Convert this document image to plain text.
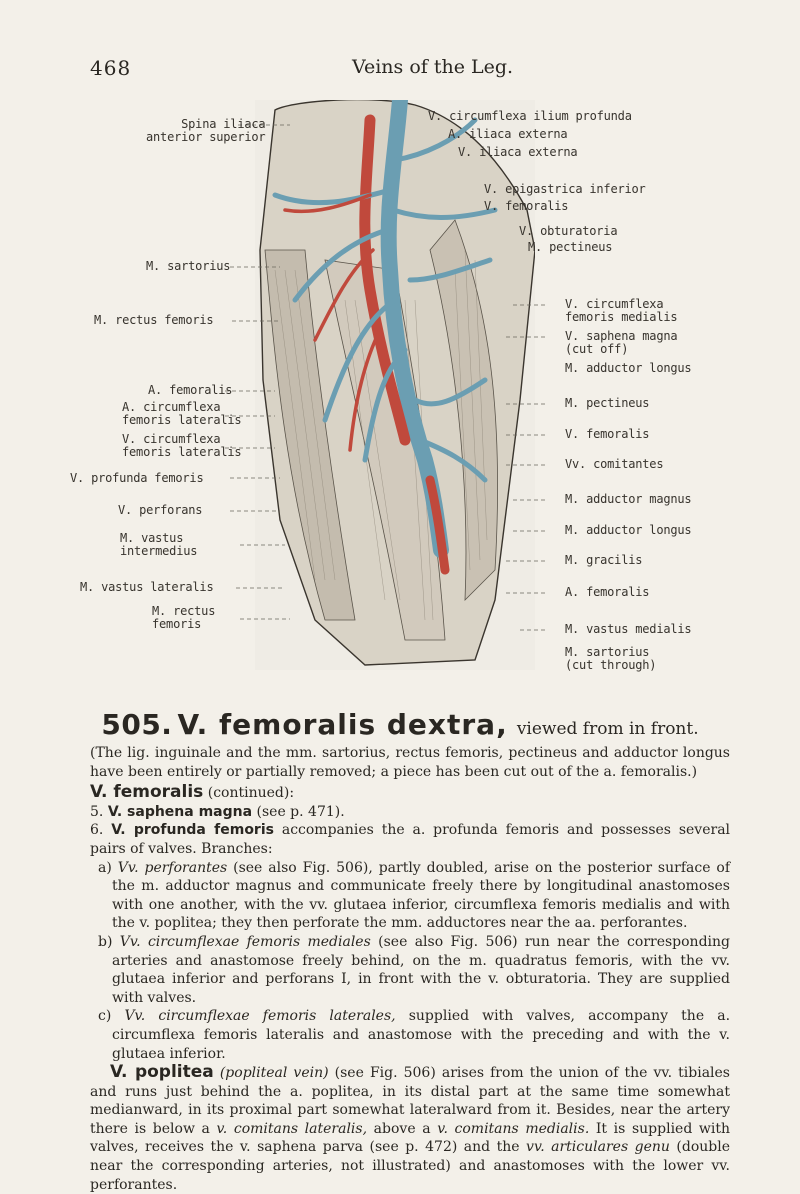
468	Veins of the Leg.
Spina iliaca
anterior superior
M. sartorius
M. rectus femoris
A. femoralis
A. circumflexa
femoris lateralis
V. circumflexa
femoris lateralis
V. profunda femoris
V. perforans
M. vastus
intermedius
M. vastus lateralis
M. rectus
femoris
V. circumflexa ilium profunda
A. iliaca externa
V. iliaca externa
V. epigastrica inferior
V. femoralis
V. obturatoria
M. pectineus
V. circumflexa
femoris medialis
V. saphena magna
(cut off)
M. adductor longus
M. pectineus
V. femoralis
Vv. comitantes
M. adductor magnus
M. adductor longus
M. gracilis
A. femoralis
M. vastus medialis
M. sartorius
(cut through)
505. V. femoralis dextra, viewed from in front.

(The lig. inguinale and the mm. sartorius, rectus femoris, pectineus and adductor longus have been entirely or partially removed; a piece has been cut out of the a. femoralis.)

V. femoralis (continued):

5. V. saphena magna (see p. 471).

6. V. profunda femoris accompanies the a. profunda femoris and possesses several pairs of valves. Branches:

a) Vv. perforantes (see also Fig. 506), partly doubled, arise on the posterior surface of the m. adductor magnus and communicate freely there by longitudinal anastomoses with one another, with the vv. glutaea inferior, circumflexa femoris medialis and with the v. poplitea; they then perforate the mm. adductores near the aa. perforantes.

b) Vv. circumflexae femoris mediales (see also Fig. 506) run near the corresponding arteries and anastomose freely behind, on the m. quadratus femoris, with the vv. glutaea inferior and perforans I, in front with the v. obturatoria. They are supplied with valves.

c) Vv. circumflexae femoris laterales, supplied with valves, accompany the a. circumflexa femoris lateralis and anastomose with the preceding and with the v. glutaea inferior.

V. poplitea (popliteal vein) (see Fig. 506) arises from the union of the vv. tibiales and runs just behind the a. poplitea, in its distal part at the same time somewhat medianward, in its proximal part somewhat lateralward from it. Besides, near the artery there is below a v. comitans lateralis, above a v. comitans medialis. It is supplied with valves, receives the v. saphena parva (see p. 472) and the vv. articulares genu (double near the corresponding arteries, not illustrated) and anastomoses with the lower vv. perforantes.
